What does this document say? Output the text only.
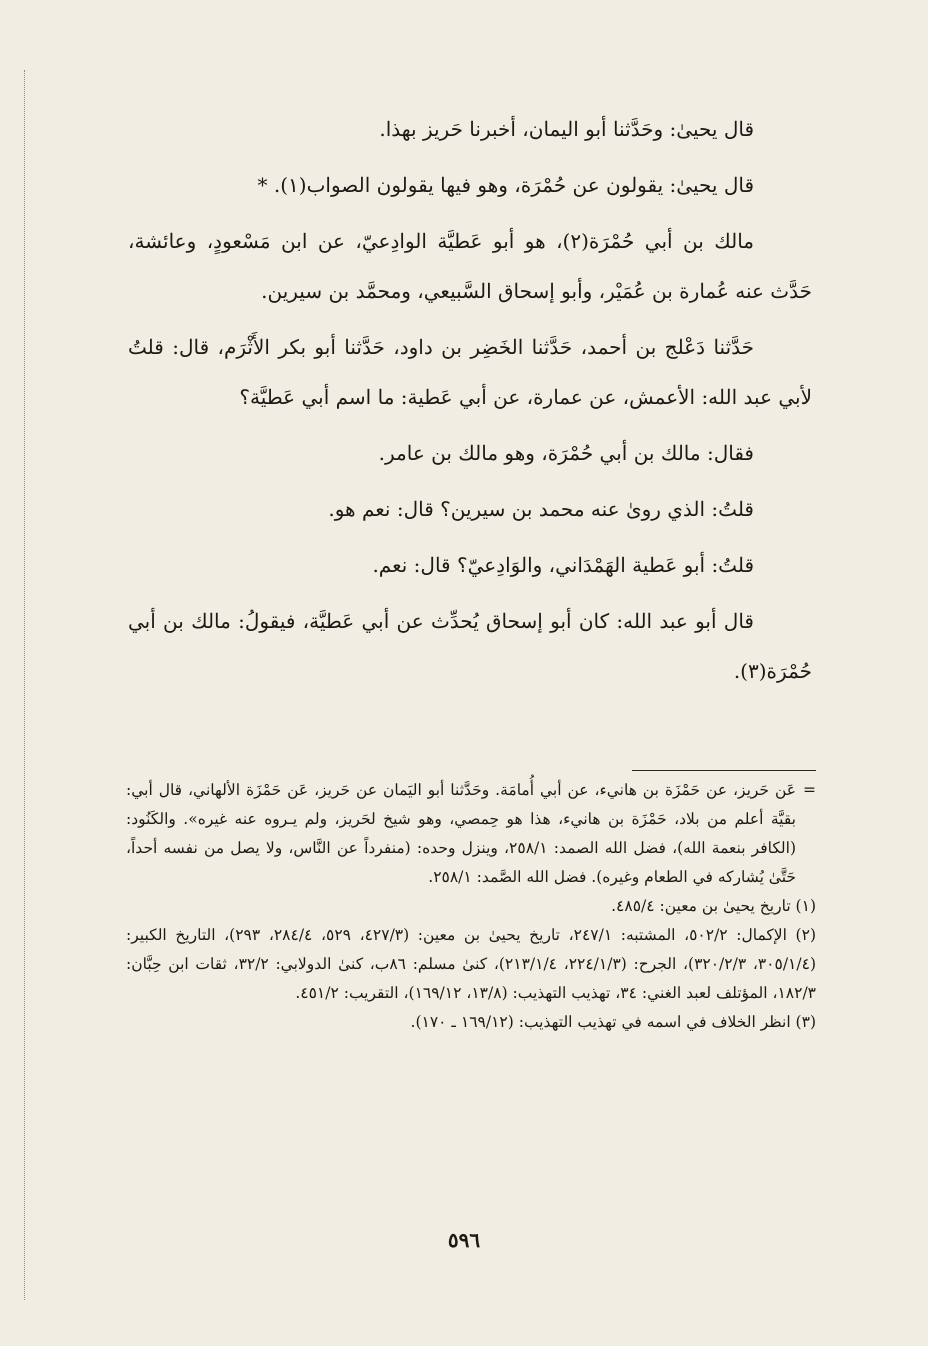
قال يحيىٰ: وحَدَّثنا أبو اليمان، أخبرنا حَريز بهذا.

قال يحيىٰ: يقولون عن حُمْرَة، وهو فيها يقولون الصواب(١). *

مالك بن أبي حُمْرَة(٢)، هو أبو عَطيَّة الوادِعيّ، عن ابن مَسْعودٍ، وعائشة، حَدَّث عنه عُمارة بن عُمَيْر، وأبو إسحاق السَّبيعي، ومحمَّد بن سيرين.

حَدَّثنا دَعْلج بن أحمد، حَدَّثنا الخَضِر بن داود، حَدَّثنا أبو بكر الأَثْرَم، قال: قلتُ لأبي عبد الله: الأعمش، عن عمارة، عن أبي عَطية: ما اسم أبي عَطيَّة؟

فقال: مالك بن أبي حُمْرَة، وهو مالك بن عامر.

قلتُ: الذي روىٰ عنه محمد بن سيرين؟ قال: نعم هو.

قلتُ: أبو عَطية الهَمْدَاني، والوَادِعيّ؟ قال: نعم.

قال أبو عبد الله: كان أبو إسحاق يُحدِّث عن أبي عَطيَّة، فيقولُ: مالك بن أبي حُمْرَة(٣).

=
عَن حَريز، عن حَمْزَة بن هانيء، عن أبي أُمامَة. وحَدَّثنا أبو اليَمان عن حَريز، عَن حَمْزَة الألهاني، قال أبي: بقيَّة أعلم من بلاد، حَمْزَة بن هانيء، هذا هو حِمصي، وهو شيخ لحَريز، ولم يـروه عنه غيره». والكَنُود: (الكافر بنعمة الله)، فضل الله الصمد: ٢٥٨/١، وينزل وحده: (منفرداً عن النَّاس، ولا يصل من نفسه أحداً، حَتَّىٰ يُشاركه في الطعام وغيره). فضل الله الصَّمد: ٢٥٨/١.

(١) تاريخ يحيىٰ بن معين: ٤٨٥/٤.

(٢) الإكمال: ٥٠٢/٢، المشتبه: ٢٤٧/١، تاريخ يحيىٰ بن معين: (٤٢٧/٣، ٥٢٩، ٢٨٤/٤، ٢٩٣)، التاريخ الكبير: (٣٠٥/١/٤، ٣٢٠/٢/٣)، الجرح: (٢٢٤/١/٣، ٢١٣/١/٤)، كنىٰ مسلم: ٨٦ب، كنىٰ الدولابي: ٣٢/٢، ثقات ابن حِبَّان: ١٨٢/٣، المؤتلف لعبد الغني: ٣٤، تهذيب التهذيب: (١٣/٨، ١٦٩/١٢)، التقريب: ٤٥١/٢.

(٣) انظر الخلاف في اسمه في تهذيب التهذيب: (١٦٩/١٢ ـ ١٧٠).

٥٩٦
